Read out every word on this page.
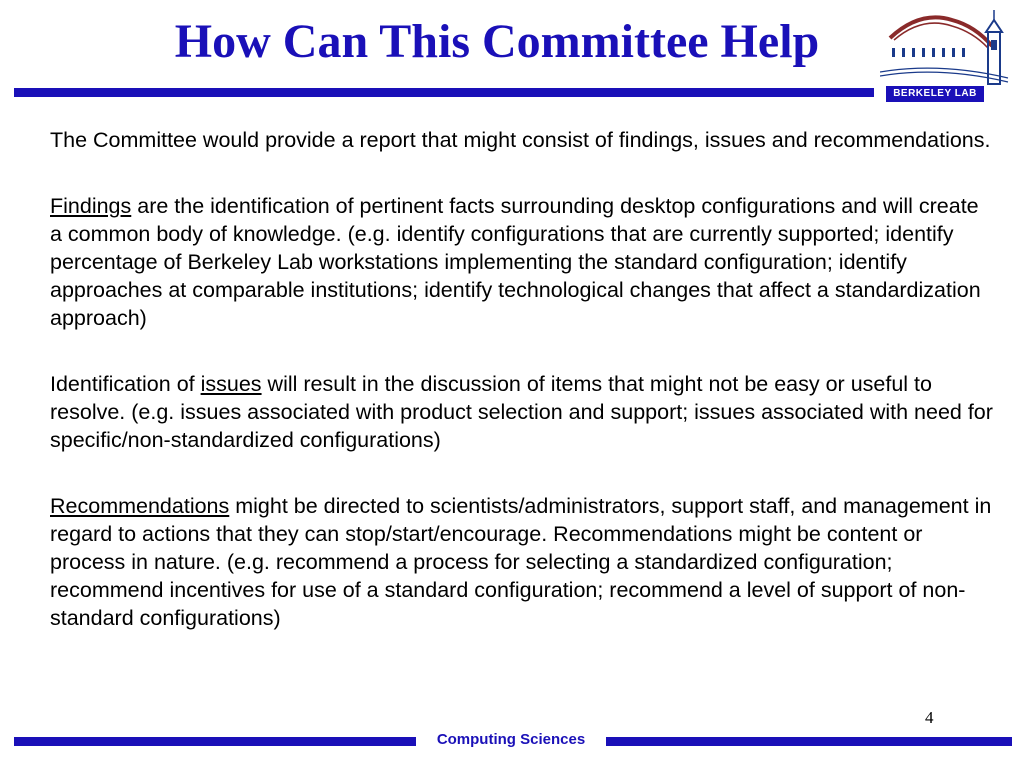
How Can This Committee Help
BERKELEY LAB

The Committee would provide a report that might consist of findings, issues and recommendations.

Findings are the identification of pertinent facts surrounding desktop configurations and will create a common body of knowledge. (e.g. identify configurations that are currently supported; identify percentage of Berkeley Lab workstations implementing the standard configuration; identify approaches at comparable institutions; identify technological changes that affect a standardization approach)

Identification of issues will result in the discussion of items that might not be easy or useful to resolve. (e.g. issues associated with product selection and support; issues associated with need for specific/non-standardized configurations)

Recommendations might be directed to scientists/administrators, support staff, and management in regard to actions that they can stop/start/encourage. Recommendations might be content or process in nature. (e.g. recommend a process for selecting a standardized configuration; recommend incentives for use of a standard configuration; recommend a level of support of non-standard configurations)

4
Computing Sciences
